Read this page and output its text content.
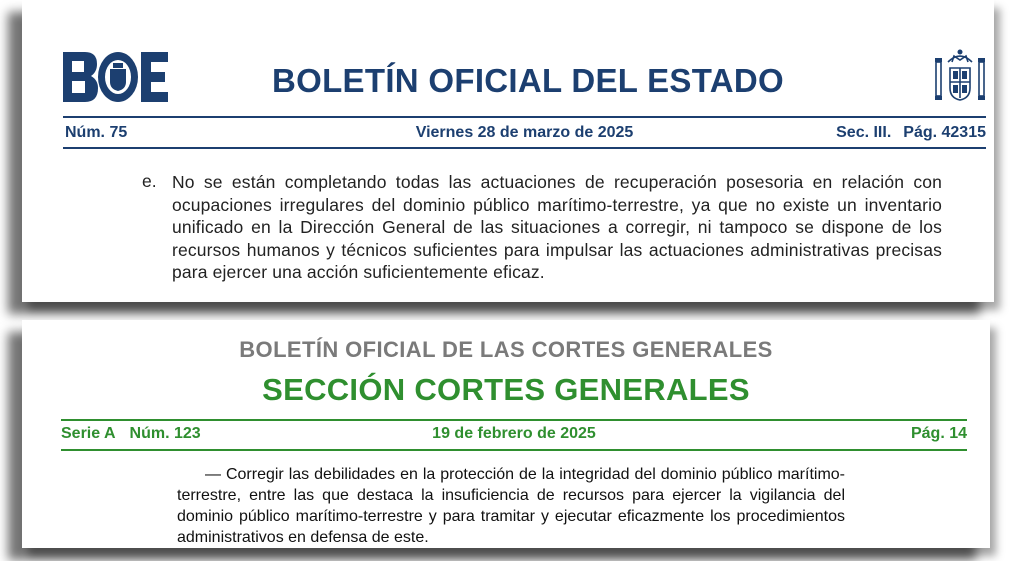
BOLETÍN OFICIAL DEL ESTADO
Núm. 75	Viernes 28 de marzo de 2025	Sec. III. Pág. 42315
e. No se están completando todas las actuaciones de recuperación posesoria en relación con ocupaciones irregulares del dominio público marítimo-terrestre, ya que no existe un inventario unificado en la Dirección General de las situaciones a corregir, ni tampoco se dispone de los recursos humanos y técnicos suficientes para impulsar las actuaciones administrativas precisas para ejercer una acción suficientemente eficaz.
BOLETÍN OFICIAL DE LAS CORTES GENERALES
SECCIÓN CORTES GENERALES
Serie A Núm. 123	19 de febrero de 2025	Pág. 14
— Corregir las debilidades en la protección de la integridad del dominio público marítimo-terrestre, entre las que destaca la insuficiencia de recursos para ejercer la vigilancia del dominio público marítimo-terrestre y para tramitar y ejecutar eficazmente los procedimientos administrativos en defensa de este.
